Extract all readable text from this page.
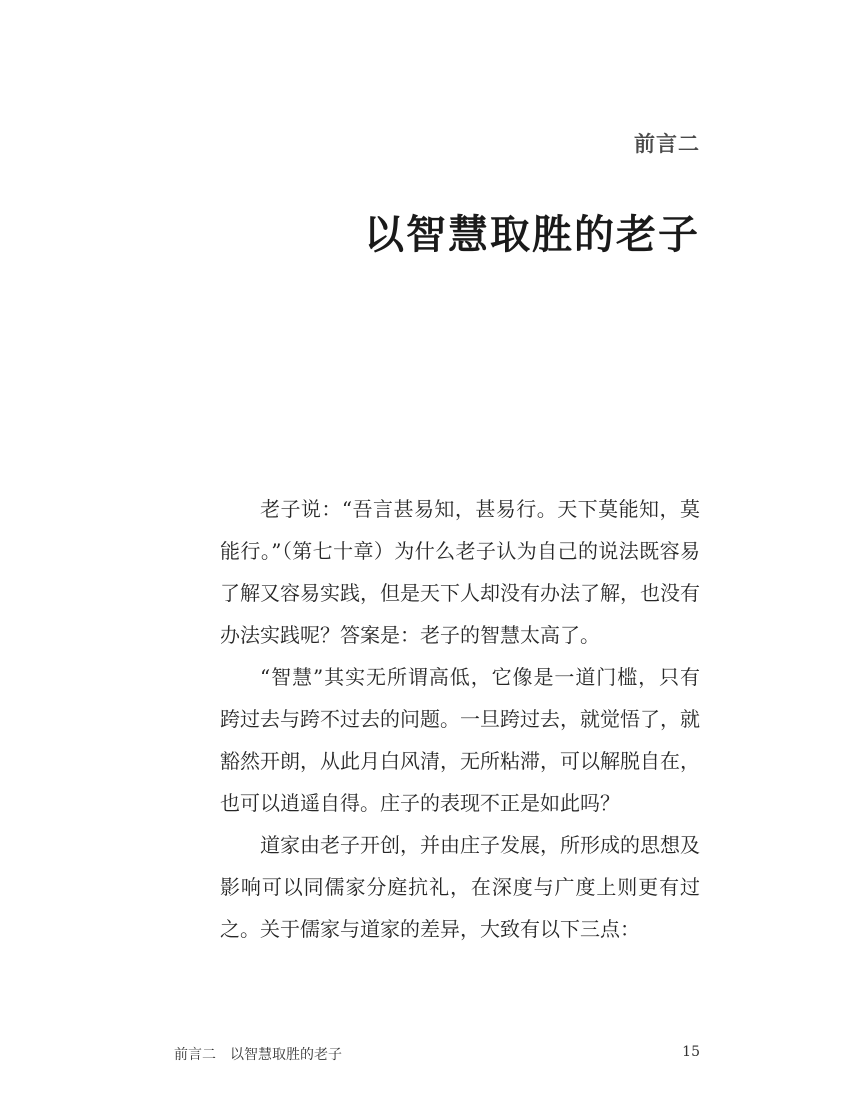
前言二
以智慧取胜的老子

老子说：“吾言甚易知，甚易行。天下莫能知，莫能行。”（第七十章）为什么老子认为自己的说法既容易了解又容易实践，但是天下人却没有办法了解，也没有办法实践呢？答案是：老子的智慧太高了。

“智慧”其实无所谓高低，它像是一道门槛，只有跨过去与跨不过去的问题。一旦跨过去，就觉悟了，就豁然开朗，从此月白风清，无所粘滞，可以解脱自在，也可以逍遥自得。庄子的表现不正是如此吗？

道家由老子开创，并由庄子发展，所形成的思想及影响可以同儒家分庭抗礼，在深度与广度上则更有过之。关于儒家与道家的差异，大致有以下三点：

前言二　以智慧取胜的老子	15
